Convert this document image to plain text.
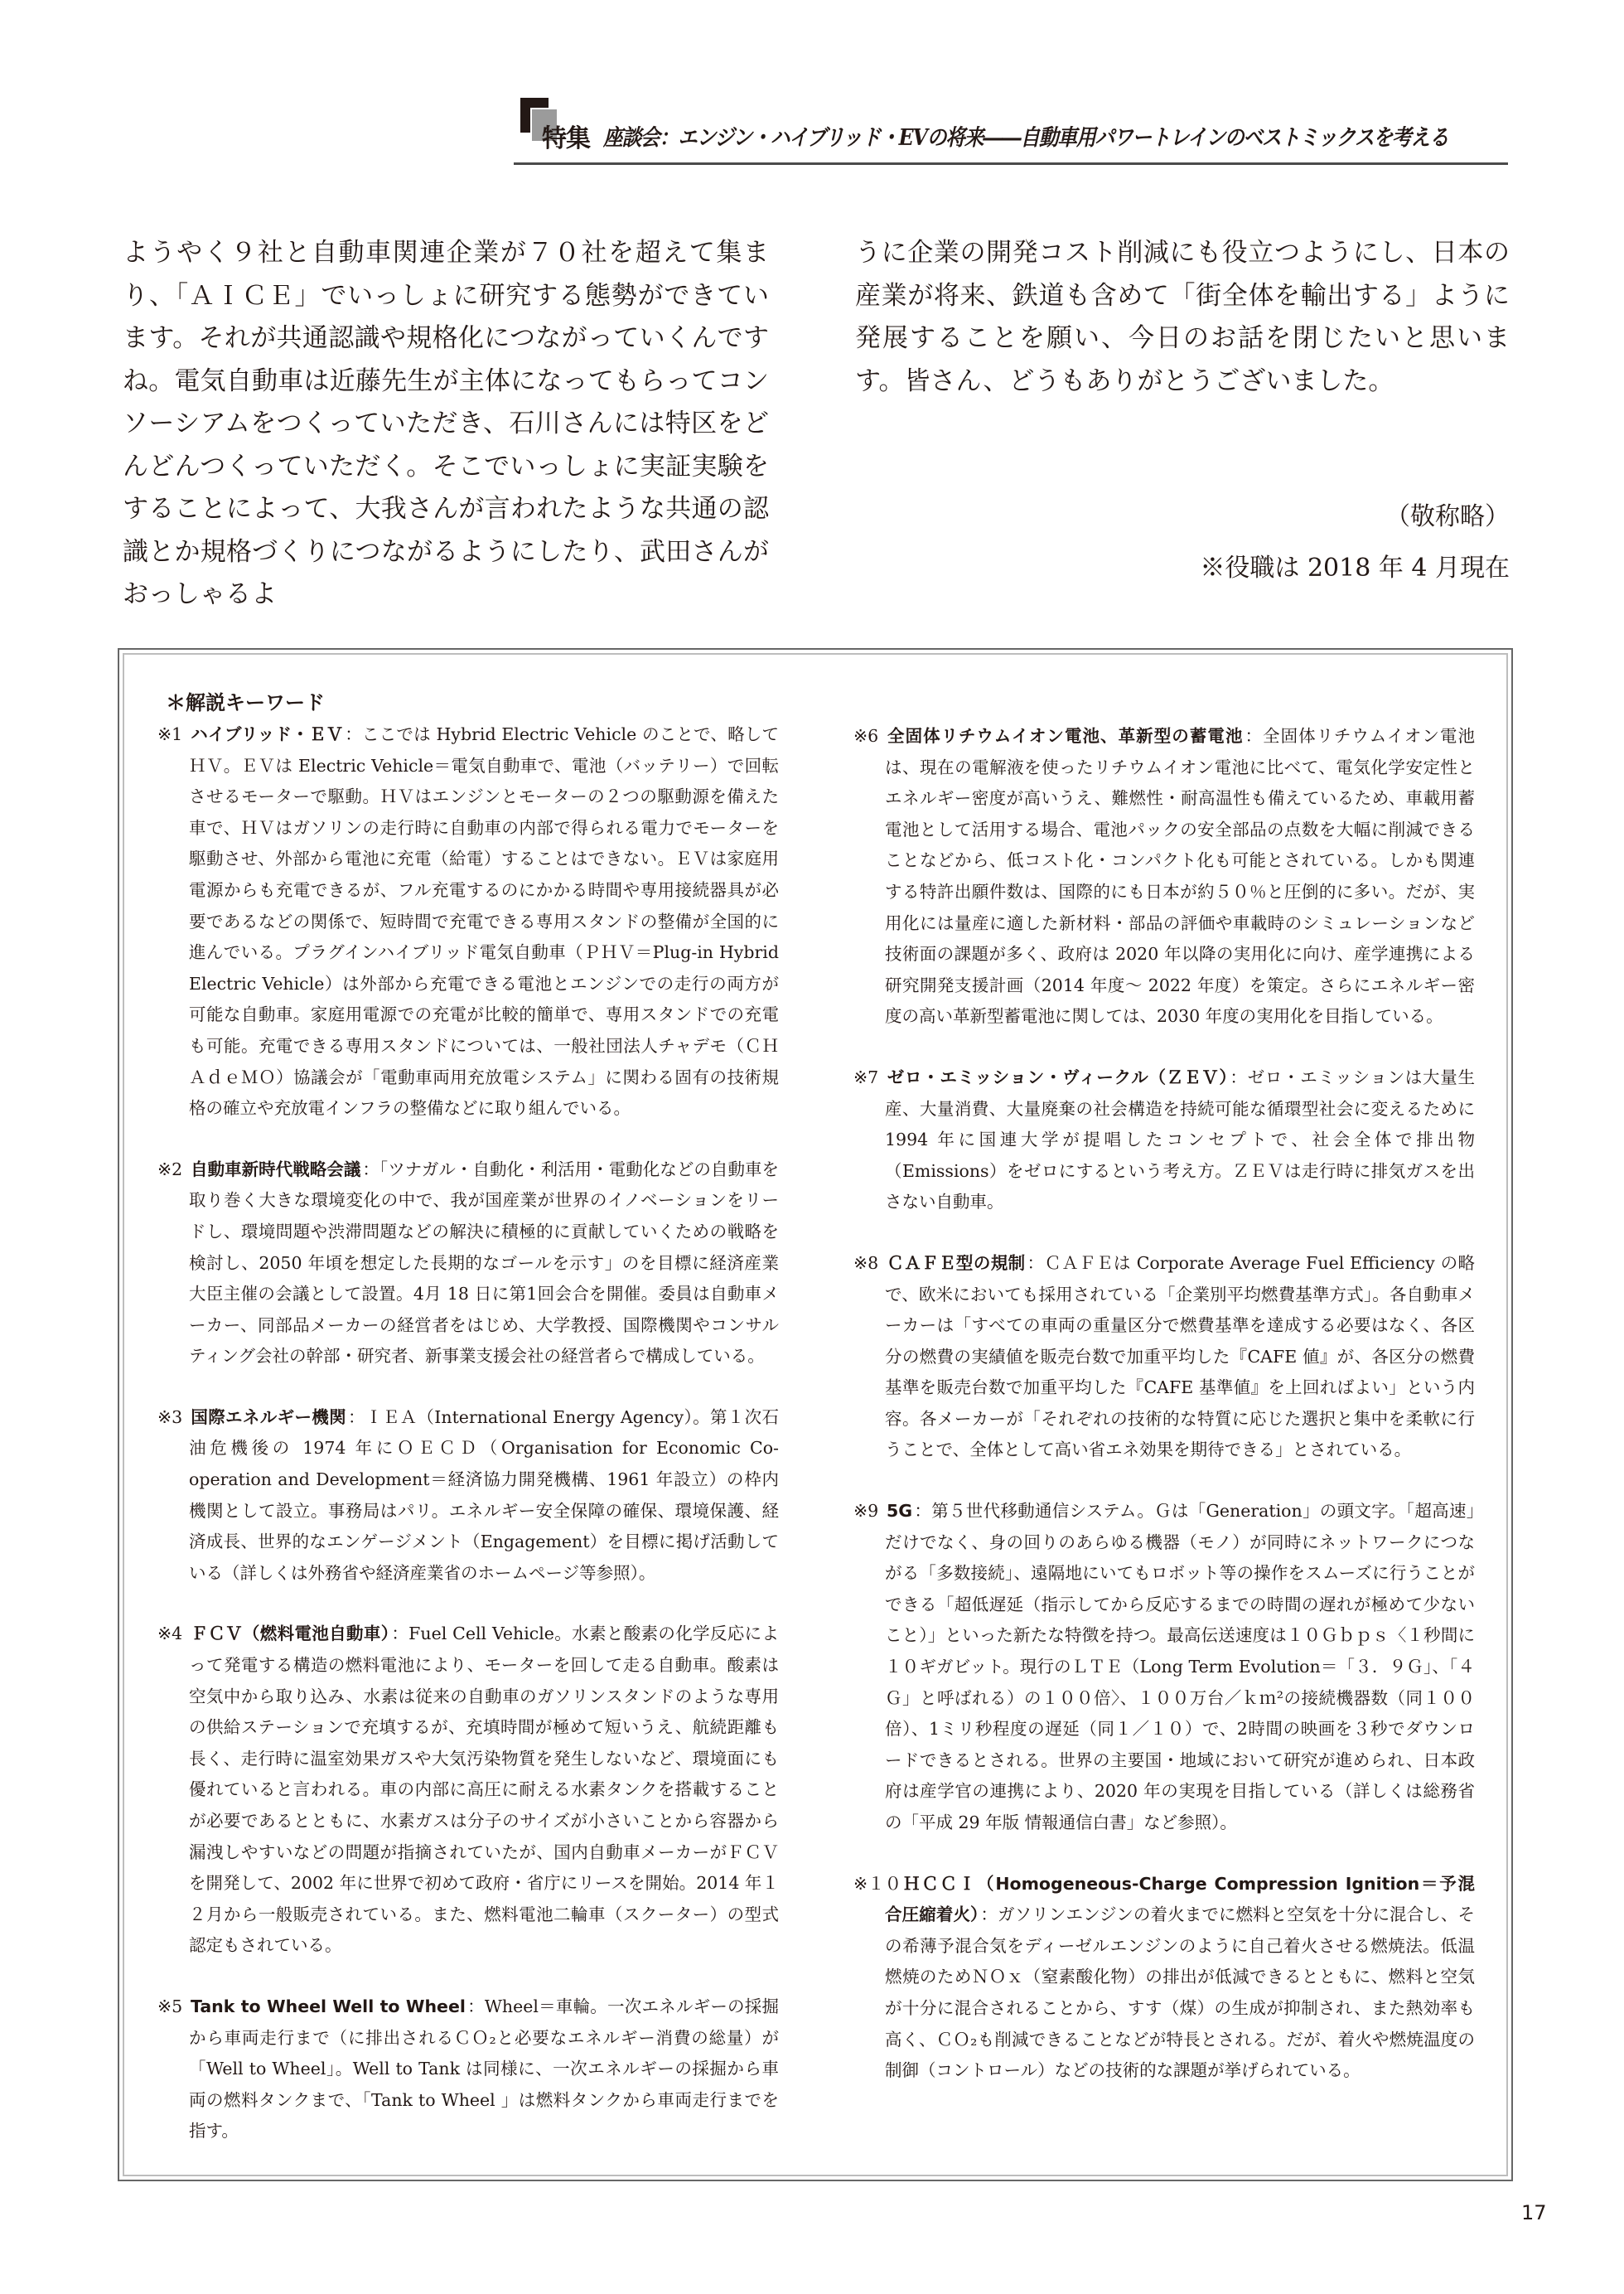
特集 座談会：エンジン・ハイブリッド・EVの将来――自動車用パワートレインのベストミックスを考える

ようやく９社と自動車関連企業が７０社を超えて集まり、「ＡＩＣＥ」でいっしょに研究する態勢ができています。それが共通認識や規格化につながっていくんですね。電気自動車は近藤先生が主体になってもらってコンソーシアムをつくっていただき、石川さんには特区をどんどんつくっていただく。そこでいっしょに実証実験をすることによって、大我さんが言われたような共通の認識とか規格づくりにつながるようにしたり、武田さんがおっしゃるよ

うに企業の開発コスト削減にも役立つようにし、日本の産業が将来、鉄道も含めて「街全体を輸出する」ように発展することを願い、今日のお話を閉じたいと思います。皆さん、どうもありがとうございました。

（敬称略）
※役職は 2018 年 4 月現在
＊解説キーワード
※1 ハイブリッド・ＥＶ：ここでは Hybrid Electric Vehicle のことで、略してＨＶ。ＥＶは Electric Vehicle＝電気自動車で、電池（バッテリー）で回転させるモーターで駆動。ＨＶはエンジンとモーターの２つの駆動源を備えた車で、ＨＶはガソリンの走行時に自動車の内部で得られる電力でモーターを駆動させ、外部から電池に充電（給電）することはできない。ＥＶは家庭用電源からも充電できるが、フル充電するのにかかる時間や専用接続器具が必要であるなどの関係で、短時間で充電できる専用スタンドの整備が全国的に進んでいる。プラグインハイブリッド電気自動車（ＰＨＶ＝Plug-in Hybrid Electric Vehicle）は外部から充電できる電池とエンジンでの走行の両方が可能な自動車。家庭用電源での充電が比較的簡単で、専用スタンドでの充電も可能。充電できる専用スタンドについては、一般社団法人チャデモ（ＣＨＡｄｅＭＯ）協議会が「電動車両用充放電システム」に関わる固有の技術規格の確立や充放電インフラの整備などに取り組んでいる。
※2 自動車新時代戦略会議：「ツナガル・自動化・利活用・電動化などの自動車を取り巻く大きな環境変化の中で、我が国産業が世界のイノベーションをリードし、環境問題や渋滞問題などの解決に積極的に貢献していくための戦略を検討し、2050 年頃を想定した長期的なゴールを示す」のを目標に経済産業大臣主催の会議として設置。4月 18 日に第1回会合を開催。委員は自動車メーカー、同部品メーカーの経営者をはじめ、大学教授、国際機関やコンサルティング会社の幹部・研究者、新事業支援会社の経営者らで構成している。
※3 国際エネルギー機関：ＩＥＡ（International Energy Agency）。第１次石油危機後の 1974 年にＯＥＣＤ（Organisation for Economic Co-operation and Development＝経済協力開発機構、1961 年設立）の枠内機関として設立。事務局はパリ。エネルギー安全保障の確保、環境保護、経済成長、世界的なエンゲージメント（Engagement）を目標に掲げ活動している（詳しくは外務省や経済産業省のホームページ等参照）。
※4 ＦＣＶ（燃料電池自動車）：Fuel Cell Vehicle。水素と酸素の化学反応によって発電する構造の燃料電池により、モーターを回して走る自動車。酸素は空気中から取り込み、水素は従来の自動車のガソリンスタンドのような専用の供給ステーションで充填するが、充填時間が極めて短いうえ、航続距離も長く、走行時に温室効果ガスや大気汚染物質を発生しないなど、環境面にも優れていると言われる。車の内部に高圧に耐える水素タンクを搭載することが必要であるとともに、水素ガスは分子のサイズが小さいことから容器から漏洩しやすいなどの問題が指摘されていたが、国内自動車メーカーがＦＣＶを開発して、2002 年に世界で初めて政府・省庁にリースを開始。2014 年１２月から一般販売されている。また、燃料電池二輪車（スクーター）の型式認定もされている。
※5 Tank to Wheel Well to Wheel：Wheel＝車輪。一次エネルギーの採掘から車両走行まで（に排出されるＣＯ₂と必要なエネルギー消費の総量）が「Well to Wheel」。Well to Tank は同様に、一次エネルギーの採掘から車両の燃料タンクまで、「Tank to Wheel 」は燃料タンクから車両走行までを指す。
※6 全固体リチウムイオン電池、革新型の蓄電池：全固体リチウムイオン電池は、現在の電解液を使ったリチウムイオン電池に比べて、電気化学安定性とエネルギー密度が高いうえ、難燃性・耐高温性も備えているため、車載用蓄電池として活用する場合、電池パックの安全部品の点数を大幅に削減できることなどから、低コスト化・コンパクト化も可能とされている。しかも関連する特許出願件数は、国際的にも日本が約５０％と圧倒的に多い。だが、実用化には量産に適した新材料・部品の評価や車載時のシミュレーションなど技術面の課題が多く、政府は 2020 年以降の実用化に向け、産学連携による研究開発支援計画（2014 年度～ 2022 年度）を策定。さらにエネルギー密度の高い革新型蓄電池に関しては、2030 年度の実用化を目指している。
※7 ゼロ・エミッション・ヴィークル（ＺＥＶ）：ゼロ・エミッションは大量生産、大量消費、大量廃棄の社会構造を持続可能な循環型社会に変えるために 1994 年に国連大学が提唱したコンセプトで、社会全体で排出物（Emissions）をゼロにするという考え方。ＺＥＶは走行時に排気ガスを出さない自動車。
※8 ＣＡＦＥ型の規制：ＣＡＦＥは Corporate Average Fuel Efficiency の略で、欧米においても採用されている「企業別平均燃費基準方式」。各自動車メーカーは「すべての車両の重量区分で燃費基準を達成する必要はなく、各区分の燃費の実績値を販売台数で加重平均した『CAFE 値』が、各区分の燃費基準を販売台数で加重平均した『CAFE 基準値』を上回ればよい」という内容。各メーカーが「それぞれの技術的な特質に応じた選択と集中を柔軟に行うことで、全体として高い省エネ効果を期待できる」とされている。
※9 5G：第５世代移動通信システム。Ｇは「Generation」の頭文字。「超高速」だけでなく、身の回りのあらゆる機器（モノ）が同時にネットワークにつながる「多数接続」、遠隔地にいてもロボット等の操作をスムーズに行うことができる「超低遅延（指示してから反応するまでの時間の遅れが極めて少ないこと）」といった新たな特徴を持つ。最高伝送速度は１０Ｇｂｐｓ〈１秒間に１０ギガビット。現行のＬＴＥ（Long Term Evolution＝「３．９Ｇ」、「４Ｇ」と呼ばれる）の１００倍〉、１００万台／ｋｍ²の接続機器数（同１００倍）、1ミリ秒程度の遅延（同１／１０）で、2時間の映画を３秒でダウンロードできるとされる。世界の主要国・地域において研究が進められ、日本政府は産学官の連携により、2020 年の実現を目指している（詳しくは総務省の「平成 29 年版 情報通信白書」など参照）。
※１０ＨＣＣＩ（Homogeneous-Charge Compression Ignition＝予混合圧縮着火）：ガソリンエンジンの着火までに燃料と空気を十分に混合し、その希薄予混合気をディーゼルエンジンのように自己着火させる燃焼法。低温燃焼のためＮＯｘ（窒素酸化物）の排出が低減できるとともに、燃料と空気が十分に混合されることから、すす（煤）の生成が抑制され、また熱効率も高く、ＣＯ₂も削減できることなどが特長とされる。だが、着火や燃焼温度の制御（コントロール）などの技術的な課題が挙げられている。
17
